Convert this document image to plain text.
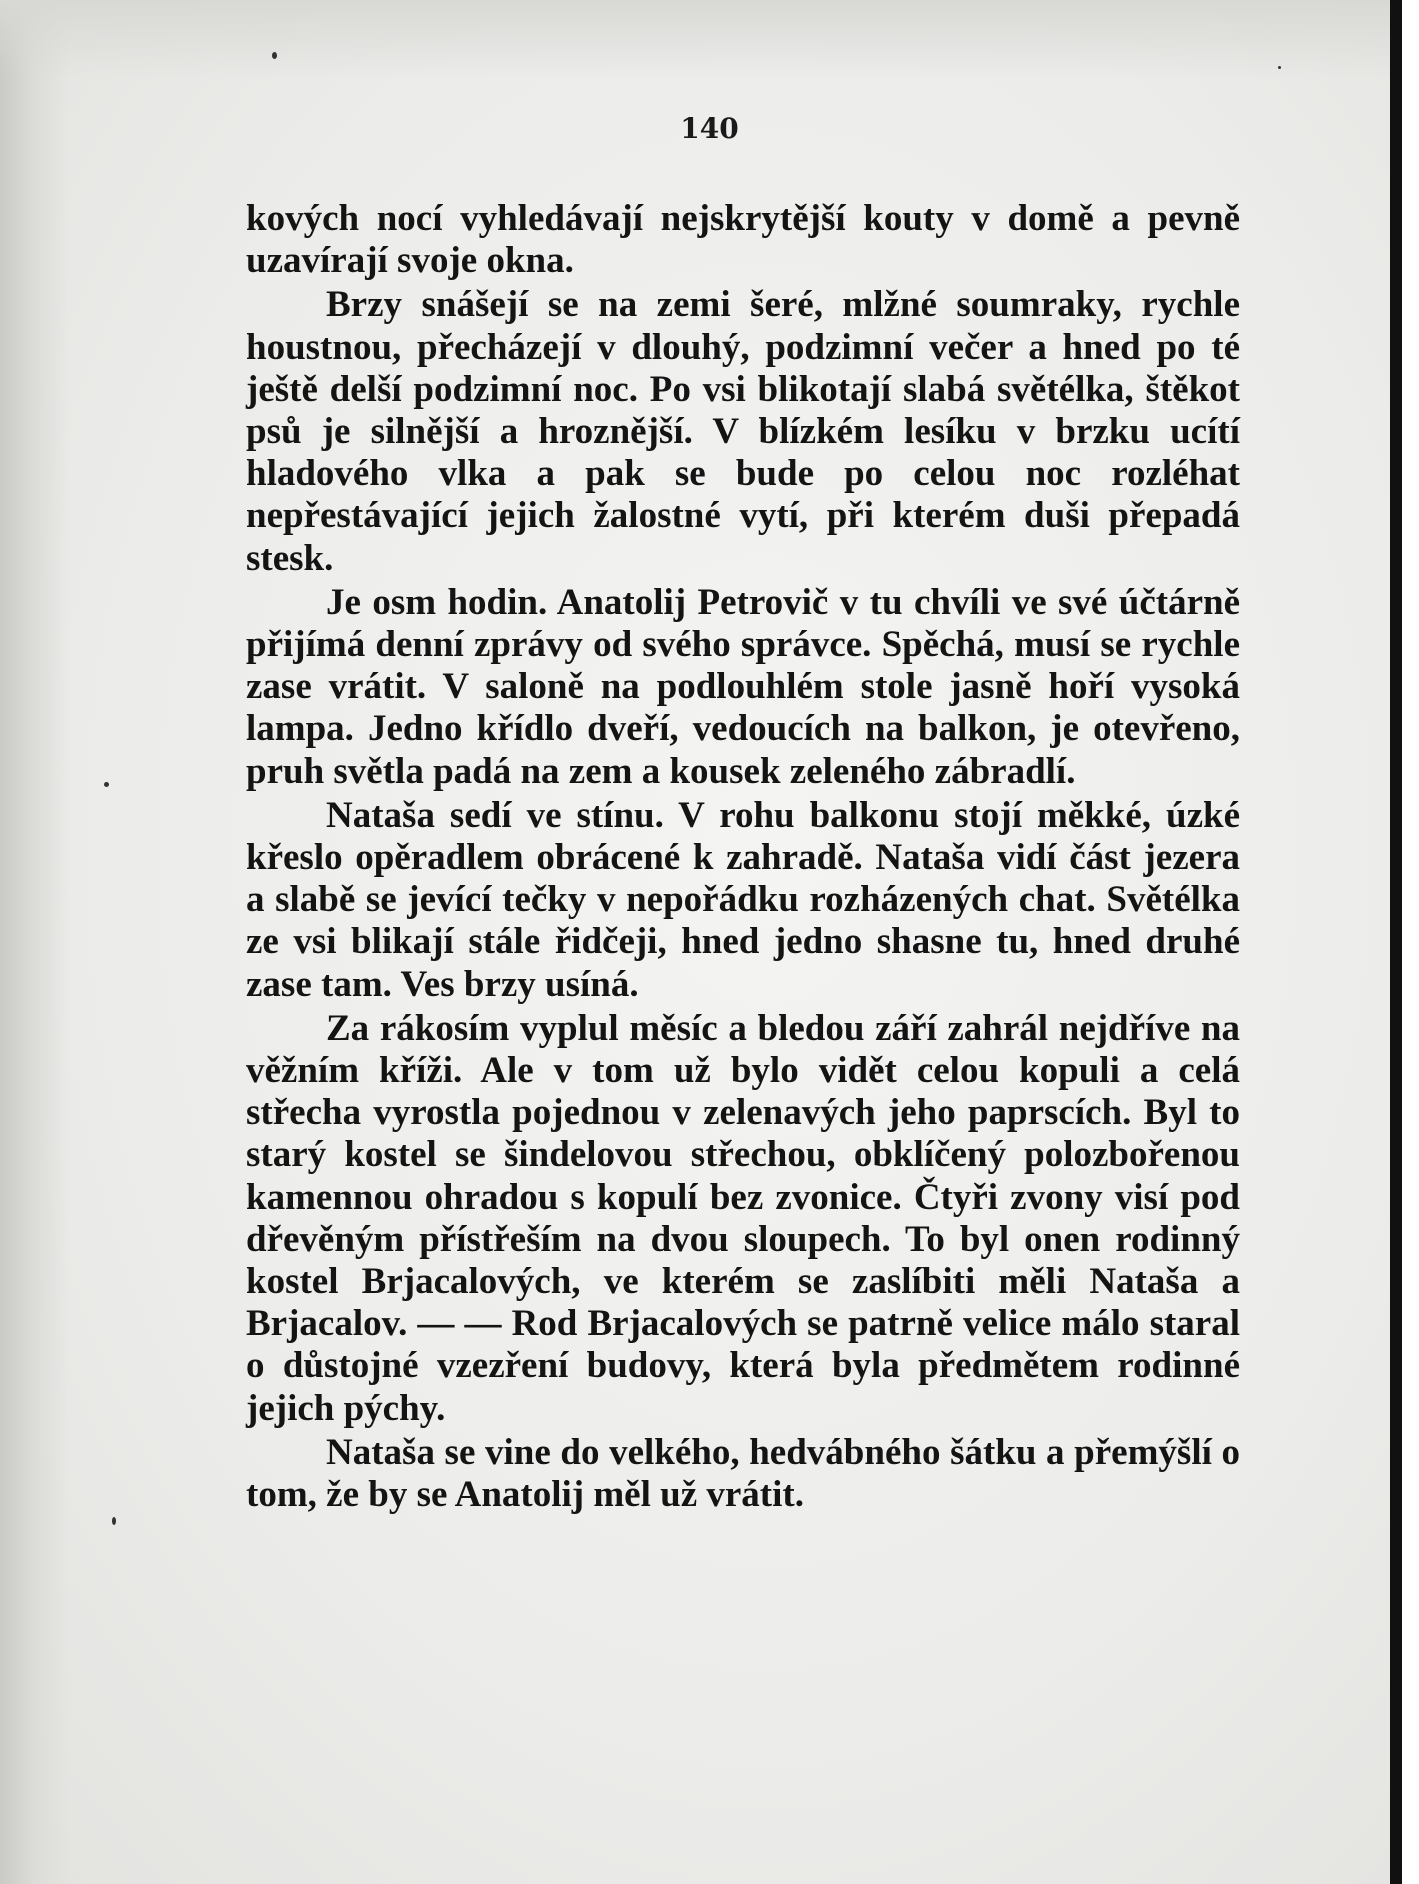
140

kových nocí vyhledávají nejskrytější kouty v domě a pevně uzavírají svoje okna.

Brzy snášejí se na zemi šeré, mlžné soumraky, rychle houstnou, přecházejí v dlouhý, podzimní večer a hned po té ještě delší podzimní noc. Po vsi blikotají slabá světélka, štěkot psů je silnější a hroznější. V blízkém lesíku v brzku ucítí hladového vlka a pak se bude po celou noc rozléhat nepřestávající jejich žalostné vytí, při kterém duši přepadá stesk.

Je osm hodin. Anatolij Petrovič v tu chvíli ve své účtárně přijímá denní zprávy od svého správce. Spěchá, musí se rychle zase vrátit. V saloně na podlouhlém stole jasně hoří vysoká lampa. Jedno křídlo dveří, vedoucích na balkon, je otevřeno, pruh světla padá na zem a kousek zeleného zábradlí.

Nataša sedí ve stínu. V rohu balkonu stojí měkké, úzké křeslo opěradlem obrácené k zahradě. Nataša vidí část jezera a slabě se jevící tečky v nepořádku rozházených chat. Světélka ze vsi blikají stále řidčeji, hned jedno shasne tu, hned druhé zase tam. Ves brzy usíná.

Za rákosím vyplul měsíc a bledou září zahrál nejdříve na věžním kříži. Ale v tom už bylo vidět celou kopuli a celá střecha vyrostla pojednou v zelenavých jeho paprscích. Byl to starý kostel se šindelovou střechou, obklíčený polozbořenou kamennou ohradou s kopulí bez zvonice. Čtyři zvony visí pod dřevěným přístřeším na dvou sloupech. To byl onen rodinný kostel Brjacalových, ve kterém se zaslíbiti měli Nataša a Brjacalov. — — Rod Brjacalových se patrně velice málo staral o důstojné vzezření budovy, která byla předmětem rodinné jejich pýchy.

Nataša se vine do velkého, hedvábného šátku a přemýšlí o tom, že by se Anatolij měl už vrátit.
